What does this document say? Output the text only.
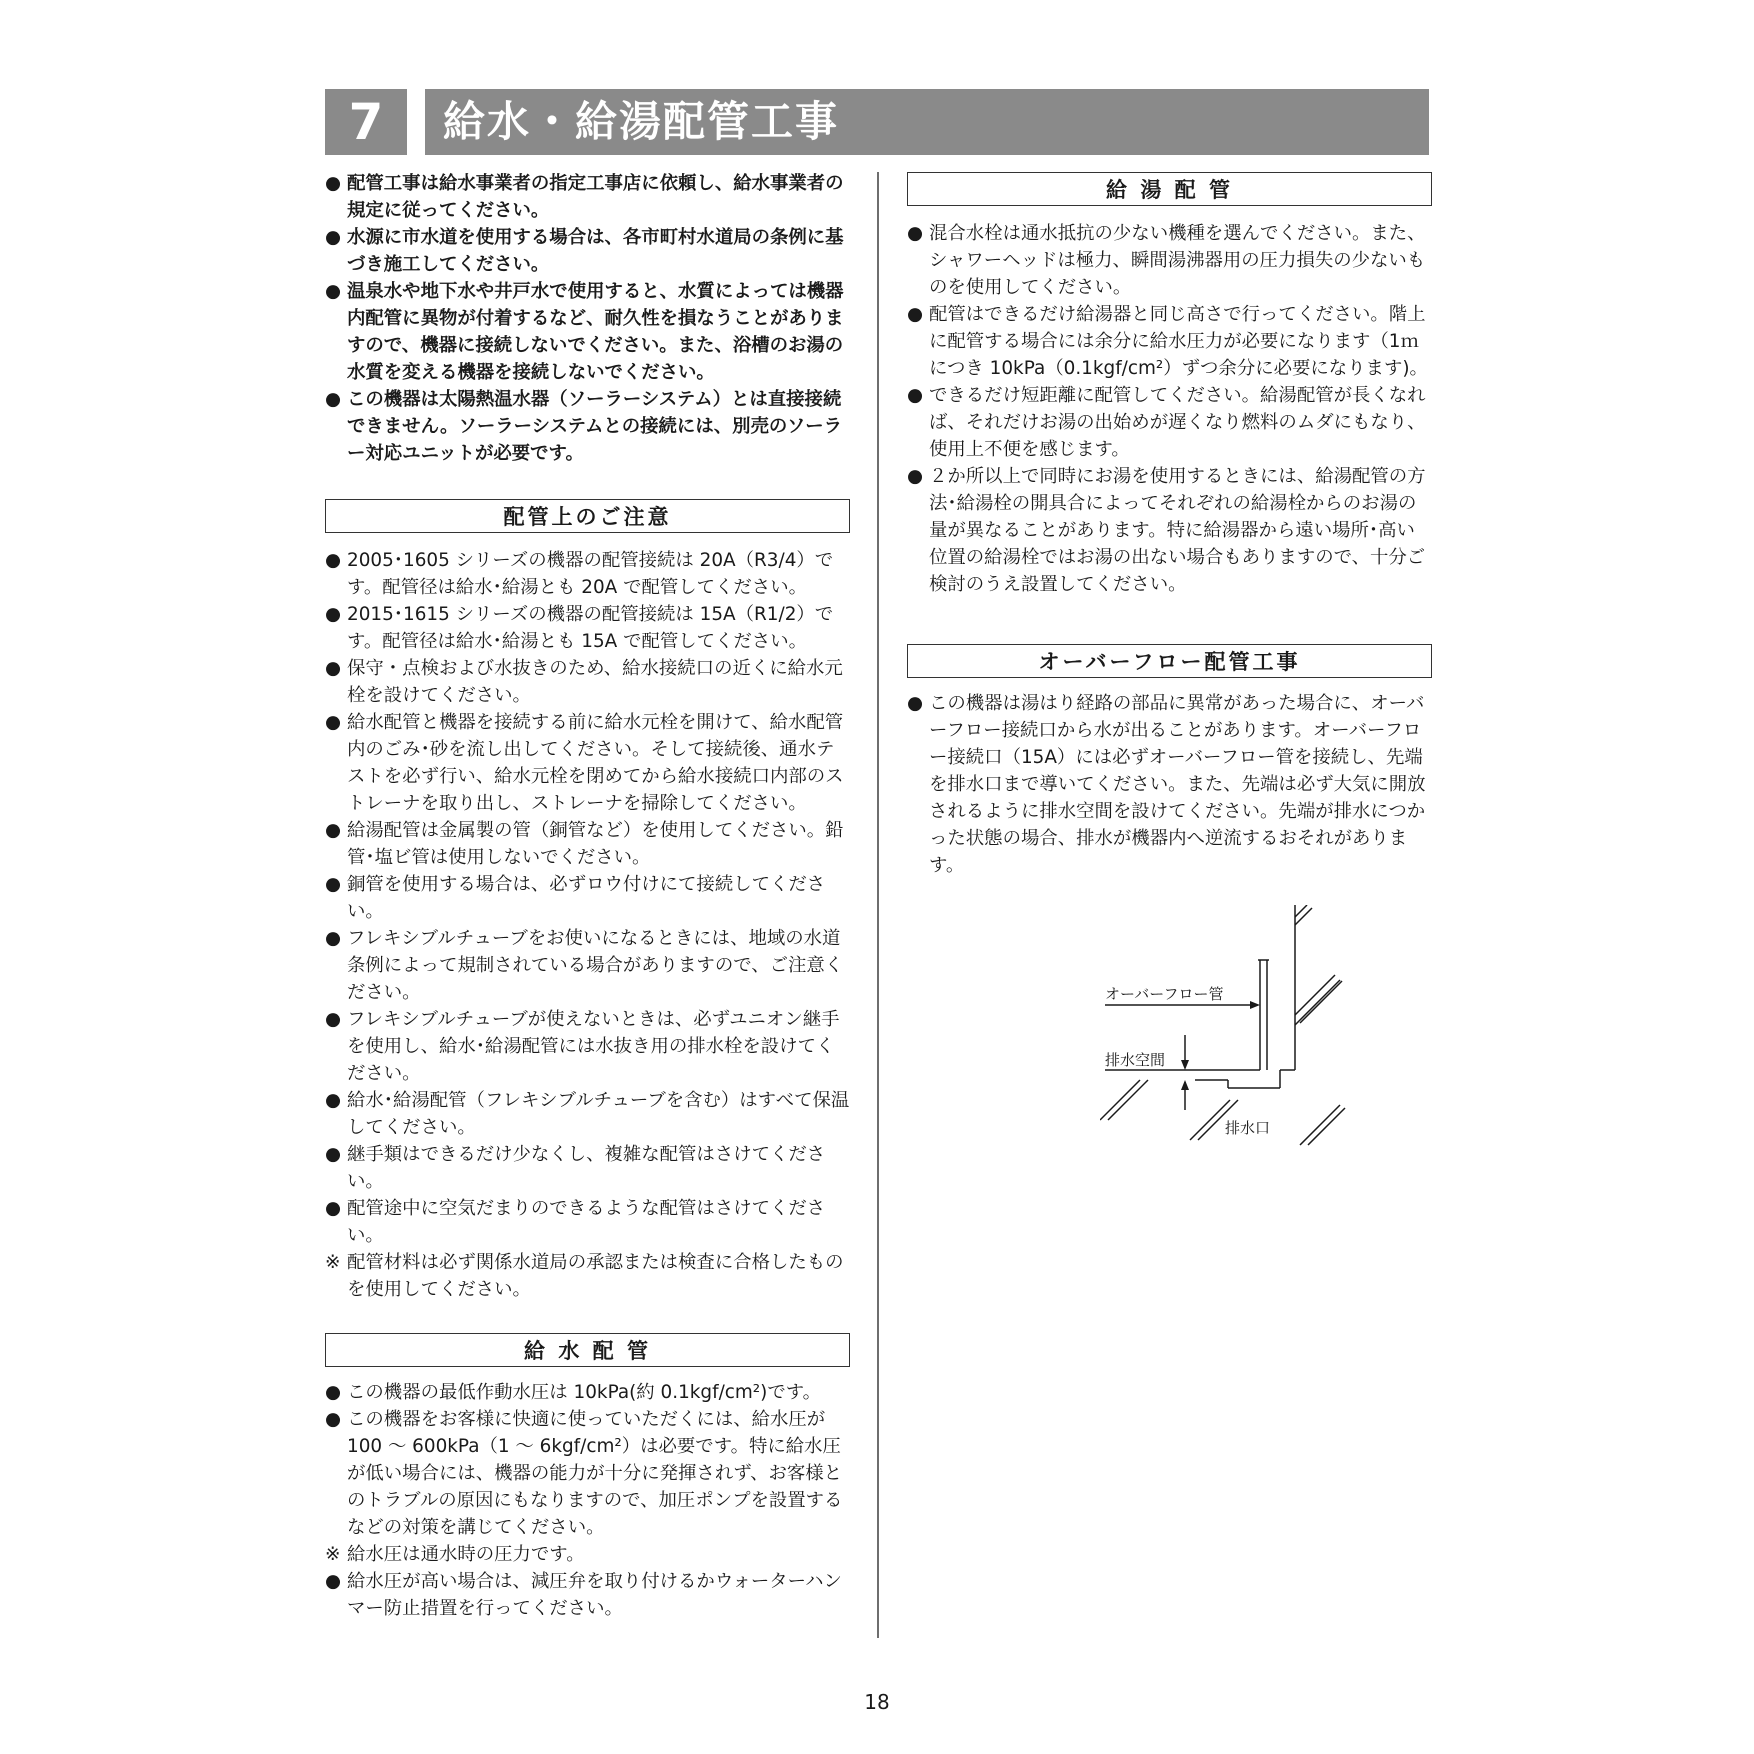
7	給水・給湯配管工事
● 配管工事は給水事業者の指定工事店に依頼し、給水事業者の規定に従ってください。
● 水源に市水道を使用する場合は、各市町村水道局の条例に基づき施工してください。
● 温泉水や地下水や井戸水で使用すると、水質によっては機器内配管に異物が付着するなど、耐久性を損なうことがありますので、機器に接続しないでください。また、浴槽のお湯の水質を変える機器を接続しないでください。
● この機器は太陽熱温水器（ソーラーシステム）とは直接接続できません。ソーラーシステムとの接続には、別売のソーラー対応ユニットが必要です。
配管上のご注意
● 2005･1605 シリーズの機器の配管接続は 20A（R3/4）です。配管径は給水･給湯とも 20A で配管してください。
● 2015･1615 シリーズの機器の配管接続は 15A（R1/2）です。配管径は給水･給湯とも 15A で配管してください。
● 保守・点検および水抜きのため、給水接続口の近くに給水元栓を設けてください。
● 給水配管と機器を接続する前に給水元栓を開けて、給水配管内のごみ･砂を流し出してください。そして接続後、通水テストを必ず行い、給水元栓を閉めてから給水接続口内部のストレーナを取り出し、ストレーナを掃除してください。
● 給湯配管は金属製の管（銅管など）を使用してください。鉛管･塩ビ管は使用しないでください。
● 銅管を使用する場合は、必ずロウ付けにて接続してください。
● フレキシブルチューブをお使いになるときには、地域の水道条例によって規制されている場合がありますので、ご注意ください。
● フレキシブルチューブが使えないときは、必ずユニオン継手を使用し、給水･給湯配管には水抜き用の排水栓を設けてください。
● 給水･給湯配管（フレキシブルチューブを含む）はすべて保温してください。
● 継手類はできるだけ少なくし、複雑な配管はさけてください。
● 配管途中に空気だまりのできるような配管はさけてください。
※ 配管材料は必ず関係水道局の承認または検査に合格したものを使用してください。
給 水 配 管
● この機器の最低作動水圧は 10kPa(約 0.1kgf/cm²)です。
● この機器をお客様に快適に使っていただくには、給水圧が 100 ～ 600kPa（1 ～ 6kgf/cm²）は必要です。特に給水圧が低い場合には、機器の能力が十分に発揮されず、お客様とのトラブルの原因にもなりますので、加圧ポンプを設置するなどの対策を講じてください。
※ 給水圧は通水時の圧力です。
● 給水圧が高い場合は、減圧弁を取り付けるかウォーターハンマー防止措置を行ってください。
給 湯 配 管
● 混合水栓は通水抵抗の少ない機種を選んでください。また、シャワーヘッドは極力、瞬間湯沸器用の圧力損失の少ないものを使用してください。
● 配管はできるだけ給湯器と同じ高さで行ってください。階上に配管する場合には余分に給水圧力が必要になります（1ｍにつき 10kPa（0.1kgf/cm²）ずつ余分に必要になります)。
● できるだけ短距離に配管してください。給湯配管が長くなれば、それだけお湯の出始めが遅くなり燃料のムダにもなり、使用上不便を感じます。
● ２か所以上で同時にお湯を使用するときには、給湯配管の方法･給湯栓の開具合によってそれぞれの給湯栓からのお湯の量が異なることがあります。特に給湯器から遠い場所･高い位置の給湯栓ではお湯の出ない場合もありますので、十分ご検討のうえ設置してください。
オーバーフロー配管工事
● この機器は湯はり経路の部品に異常があった場合に、オーバーフロー接続口から水が出ることがあります。オーバーフロー接続口（15A）には必ずオーバーフロー管を接続し、先端を排水口まで導いてください。また、先端は必ず大気に開放されるように排水空間を設けてください。先端が排水につかった状態の場合、排水が機器内へ逆流するおそれがあります。
オーバーフロー管
排水空間
排水口
18
